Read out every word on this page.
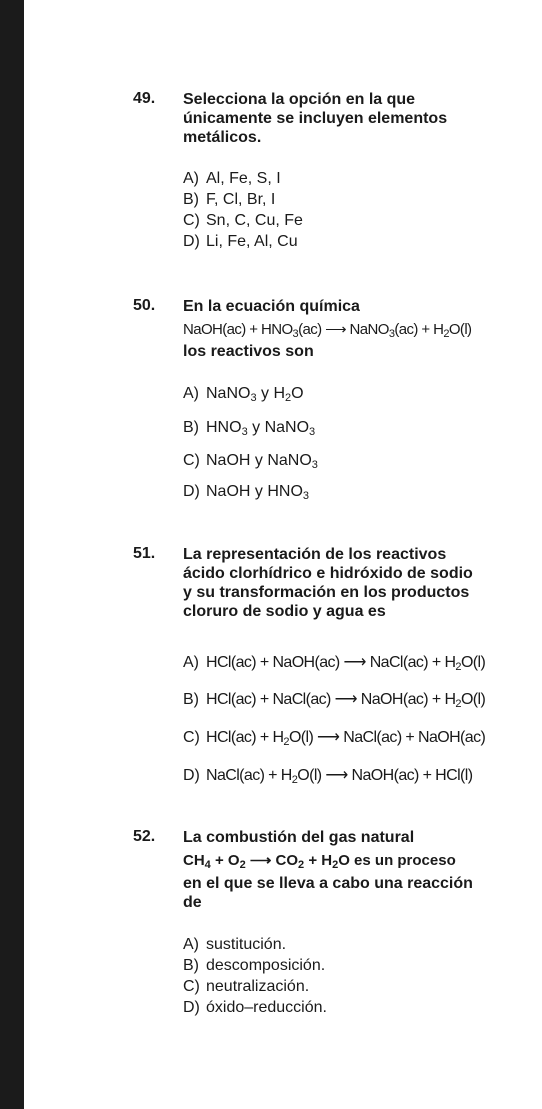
49. Selecciona la opción en la que
únicamente se incluyen elementos
metálicos.
A) Al, Fe, S, I
B) F, Cl, Br, I
C) Sn, C, Cu, Fe
D) Li, Fe, Al, Cu
50. En la ecuación química
NaOH(ac) + $HNO_3(ac)$ ⟶ NaNO$_3$(ac) + $H_2O(l)$
los reactivos son
A) NaNO$_3$ y $H_2O$
B) $HNO_3$ y NaNO$_3$
C) NaOH y NaNO$_3$
D) NaOH y $HNO_3$
51. La representación de los reactivos
ácido clorhídrico e hidróxido de sodio
y su transformación en los productos
cloruro de sodio y agua es
A) HCl(ac) + NaOH(ac) ⟶ NaCl(ac) + $H_2O(l)$
B) HCl(ac) + NaCl(ac) ⟶ NaOH(ac) + $H_2O(l)$
C) $HCl(ac) + H_2O(l)$ ⟶ NaCl(ac) + NaOH(ac)
D) NaCl(ac) + $H_2O(l)$ ⟶ NaOH(ac) + HCl(l)
52. La combustión del gas natural
$CH_4 + O_2$ ⟶ $CO_2 + H_2O$ es un proceso
en el que se lleva a cabo una reacción
de
A) sustitución.
B) descomposición.
C) neutralización.
D) óxido–reducción.
